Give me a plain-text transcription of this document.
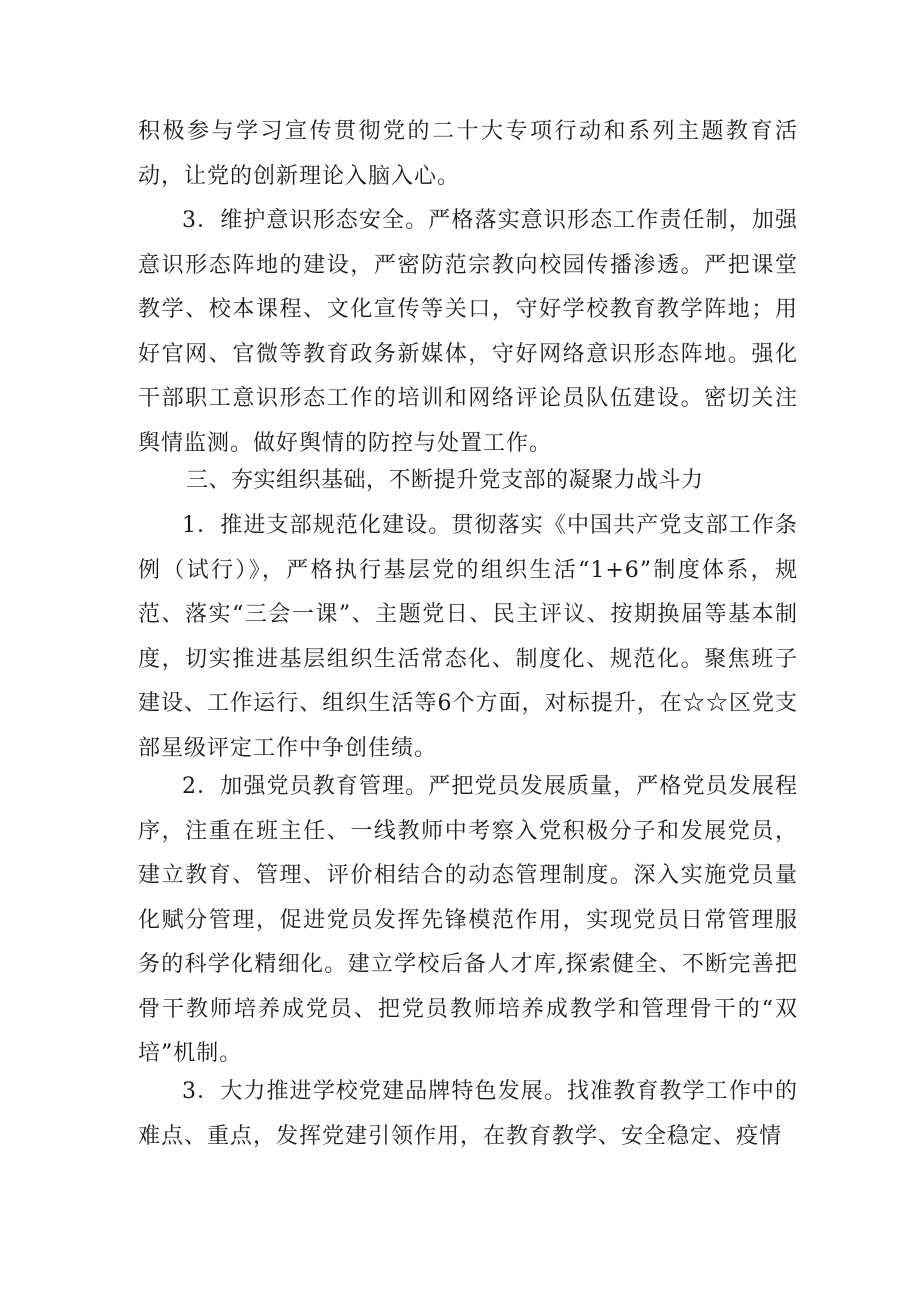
积极参与学习宣传贯彻党的二十大专项行动和系列主题教育活动，让党的创新理论入脑入心。
3．维护意识形态安全。严格落实意识形态工作责任制，加强意识形态阵地的建设，严密防范宗教向校园传播渗透。严把课堂教学、校本课程、文化宣传等关口，守好学校教育教学阵地；用好官网、官微等教育政务新媒体，守好网络意识形态阵地。强化干部职工意识形态工作的培训和网络评论员队伍建设。密切关注舆情监测。做好舆情的防控与处置工作。
三、夯实组织基础，不断提升党支部的凝聚力战斗力
1．推进支部规范化建设。贯彻落实《中国共产党支部工作条例（试行）》，严格执行基层党的组织生活“1+6”制度体系，规范、落实“三会一课”、主题党日、民主评议、按期换届等基本制度，切实推进基层组织生活常态化、制度化、规范化。聚焦班子建设、工作运行、组织生活等6个方面，对标提升，在☆☆区党支部星级评定工作中争创佳绩。
2．加强党员教育管理。严把党员发展质量，严格党员发展程序，注重在班主任、一线教师中考察入党积极分子和发展党员，建立教育、管理、评价相结合的动态管理制度。深入实施党员量化赋分管理，促进党员发挥先锋模范作用，实现党员日常管理服务的科学化精细化。建立学校后备人才库,探索健全、不断完善把骨干教师培养成党员、把党员教师培养成教学和管理骨干的“双培”机制。
3．大力推进学校党建品牌特色发展。找准教育教学工作中的难点、重点，发挥党建引领作用，在教育教学、安全稳定、疫情
